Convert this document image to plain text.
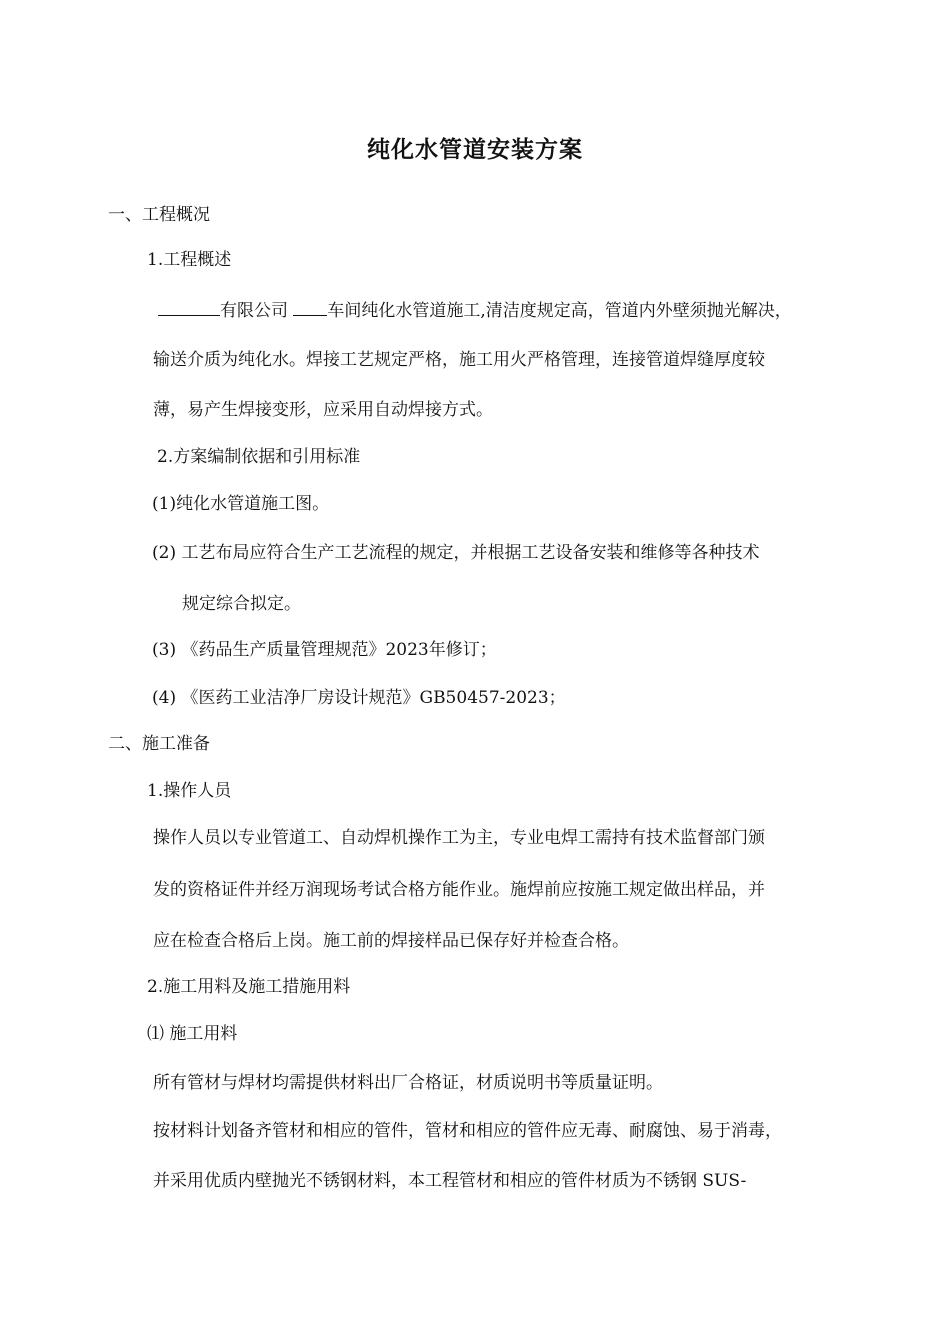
纯化水管道安装方案
一、工程概况
1.工程概述
有限公司 车间纯化水管道施工,清洁度规定高，管道内外壁须抛光解决，
输送介质为纯化水。焊接工艺规定严格，施工用火严格管理，连接管道焊缝厚度较
薄，易产生焊接变形，应采用自动焊接方式。
2.方案编制依据和引用标准
(1)纯化水管道施工图。
(2) 工艺布局应符合生产工艺流程的规定，并根据工艺设备安装和维修等各种技术
规定综合拟定。
(3) 《药品生产质量管理规范》2023年修订；
(4) 《医药工业洁净厂房设计规范》GB50457-2023；
二、施工准备
1.操作人员
操作人员以专业管道工、自动焊机操作工为主，专业电焊工需持有技术监督部门颁
发的资格证件并经万润现场考试合格方能作业。施焊前应按施工规定做出样品，并
应在检查合格后上岗。施工前的焊接样品已保存好并检查合格。
2.施工用料及施工措施用料
⑴ 施工用料
所有管材与焊材均需提供材料出厂合格证，材质说明书等质量证明。
按材料计划备齐管材和相应的管件，管材和相应的管件应无毒、耐腐蚀、易于消毒，
并采用优质内壁抛光不锈钢材料，本工程管材和相应的管件材质为不锈钢 SUS-
